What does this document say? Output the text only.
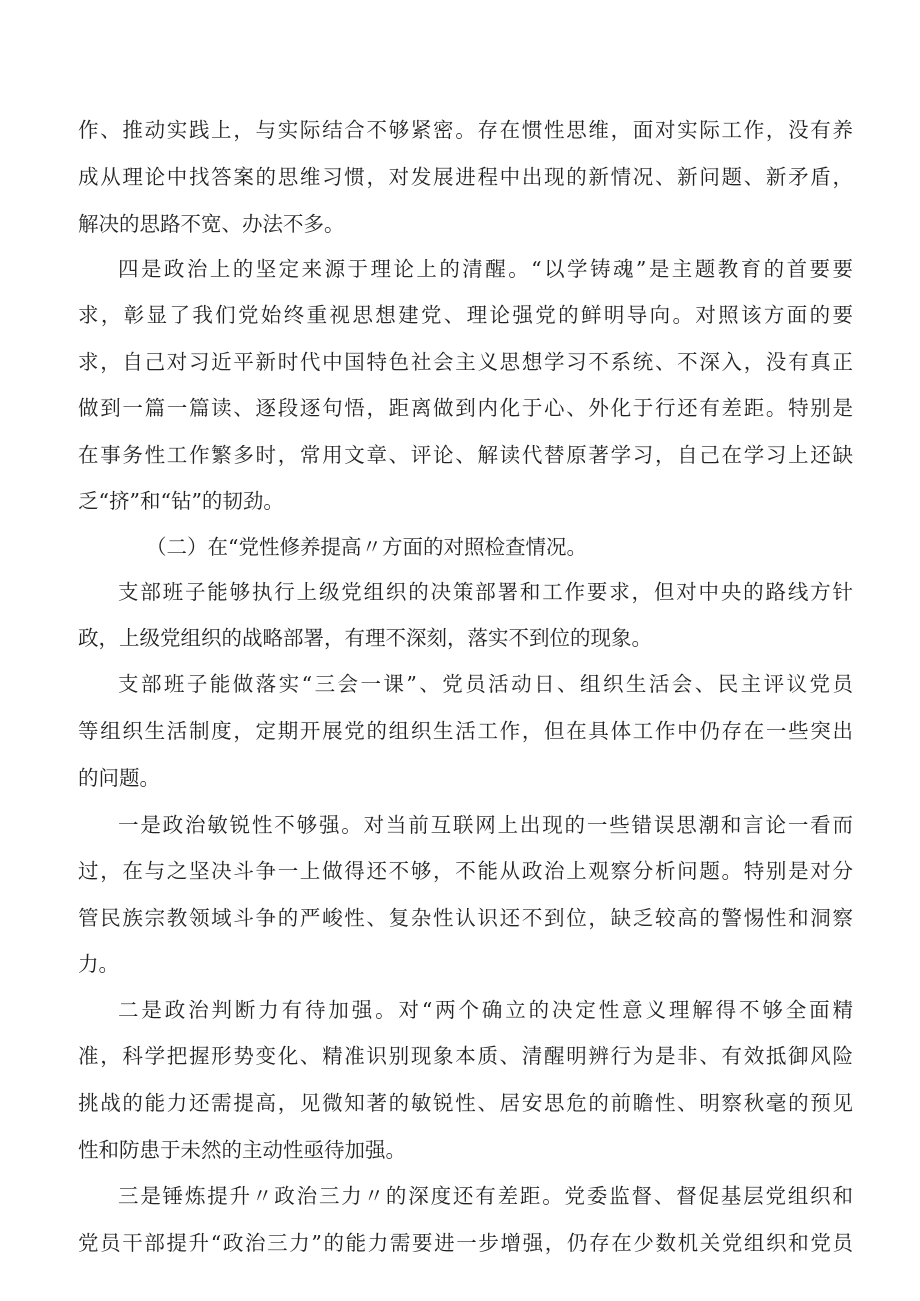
作、推动实践上，与实际结合不够紧密。存在惯性思维，面对实际工作，没有养
成从理论中找答案的思维习惯，对发展进程中出现的新情况、新问题、新矛盾，
解决的思路不宽、办法不多。
四是政治上的坚定来源于理论上的清醒。“以学铸魂”是主题教育的首要要
求，彰显了我们党始终重视思想建党、理论强党的鲜明导向。对照该方面的要
求，自己对习近平新时代中国特色社会主义思想学习不系统、不深入，没有真正
做到一篇一篇读、逐段逐句悟，距离做到内化于心、外化于行还有差距。特别是
在事务性工作繁多时，常用文章、评论、解读代替原著学习，自己在学习上还缺
乏“挤”和“钻”的韧劲。
（二）在“党性修养提高〃方面的对照检查情况。
支部班子能够执行上级党组织的决策部署和工作要求，但对中央的路线方针
政，上级党组织的战略部署，有理不深刻，落实不到位的现象。
支部班子能做落实“三会一课”、党员活动日、组织生活会、民主评议党员
等组织生活制度，定期开展党的组织生活工作，但在具体工作中仍存在一些突出
的问题。
一是政治敏锐性不够强。对当前互联网上出现的一些错误思潮和言论一看而
过，在与之坚决斗争一上做得还不够，不能从政治上观察分析问题。特别是对分
管民族宗教领域斗争的严峻性、复杂性认识还不到位，缺乏较高的警惕性和洞察
力。
二是政治判断力有待加强。对“两个确立的决定性意义理解得不够全面精
准，科学把握形势变化、精准识别现象本质、清醒明辨行为是非、有效抵御风险
挑战的能力还需提高，见微知著的敏锐性、居安思危的前瞻性、明察秋毫的预见
性和防患于未然的主动性亟待加强。
三是锤炼提升〃政治三力〃的深度还有差距。党委监督、督促基层党组织和
党员干部提升“政治三力”的能力需要进一步增强，仍存在少数机关党组织和党员
